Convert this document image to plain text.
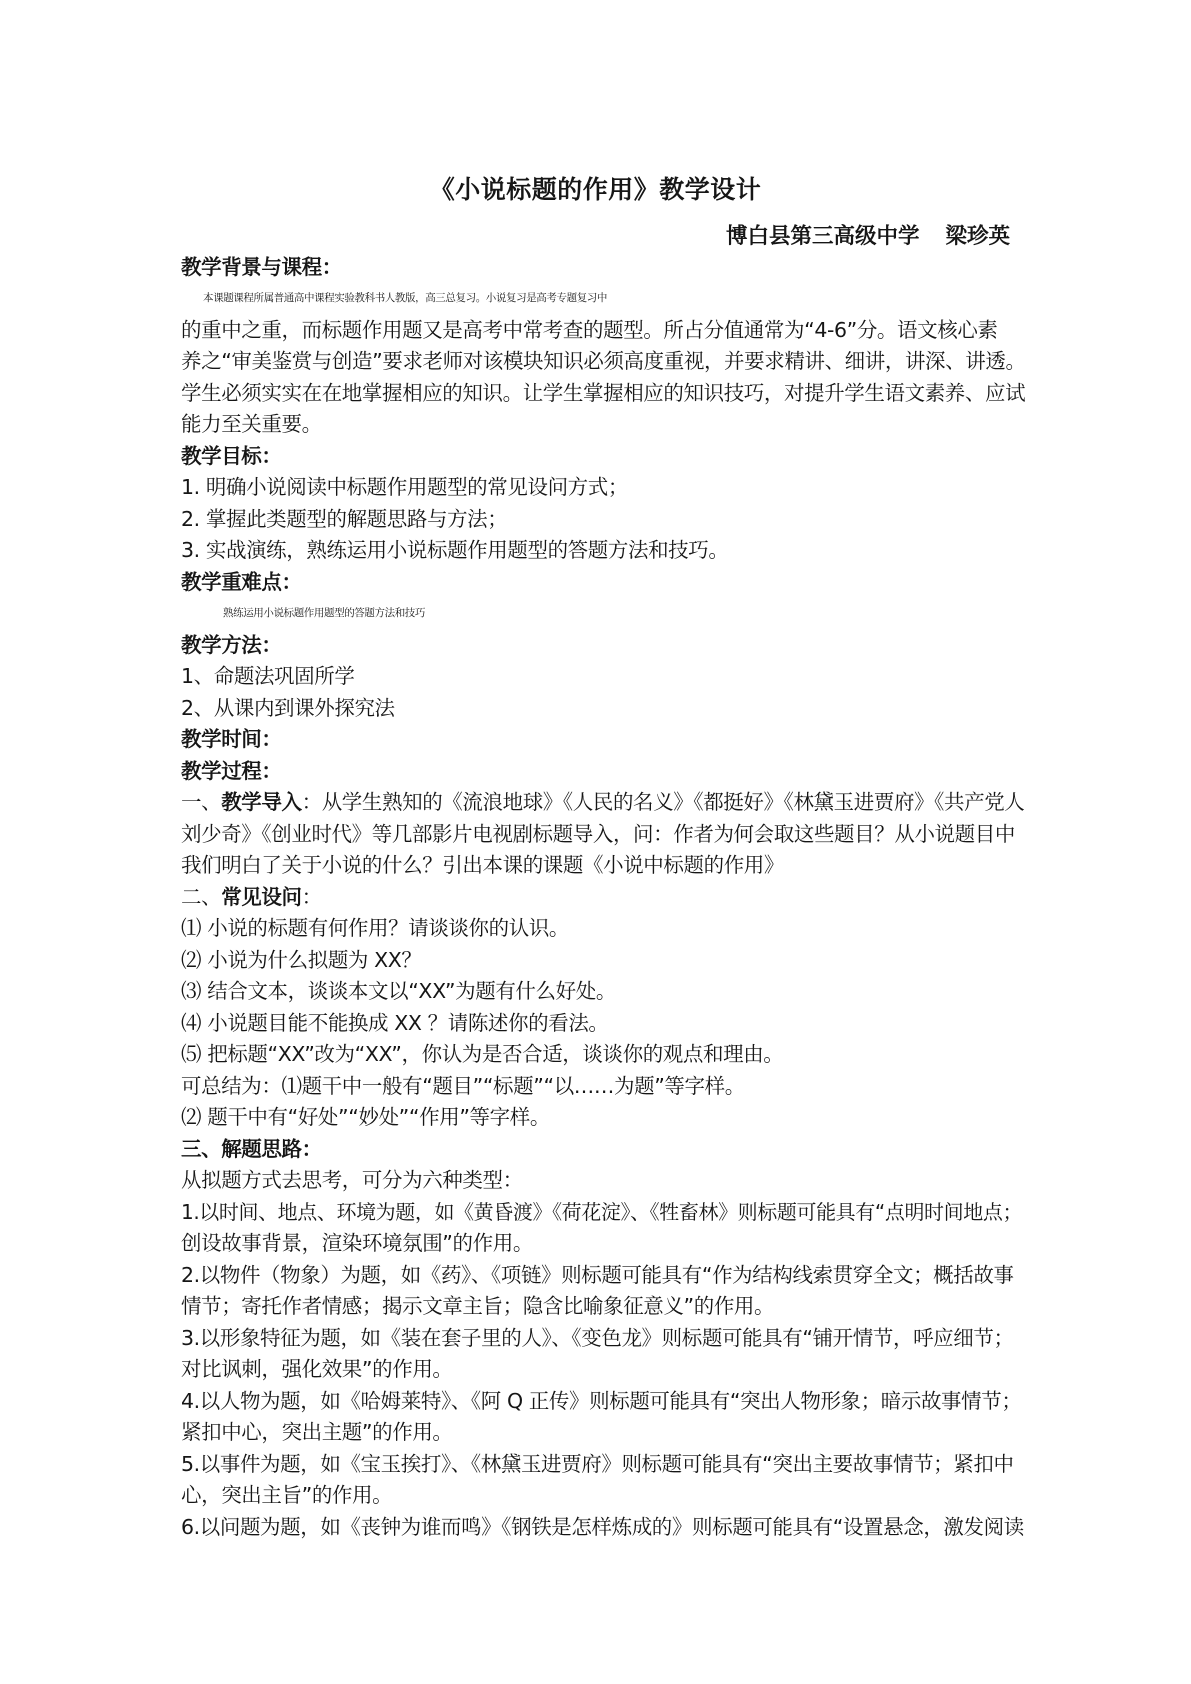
《小说标题的作用》教学设计
博白县第三高级中学 梁珍英
教学背景与课程：
本课题课程所属普通高中课程实验教科书人教版，高三总复习。小说复习是高考专题复习中
的重中之重，而标题作用题又是高考中常考查的题型。所占分值通常为“4-6”分。语文核心素
养之“审美鉴赏与创造”要求老师对该模块知识必须高度重视，并要求精讲、细讲，讲深、讲透。
学生必须实实在在地掌握相应的知识。让学生掌握相应的知识技巧，对提升学生语文素养、应试
能力至关重要。
教学目标：
1. 明确小说阅读中标题作用题型的常见设问方式；
2. 掌握此类题型的解题思路与方法；
3. 实战演练，熟练运用小说标题作用题型的答题方法和技巧。
教学重难点：
熟练运用小说标题作用题型的答题方法和技巧
教学方法：
1、命题法巩固所学
2、从课内到课外探究法
教学时间：
教学过程：
一、教学导入：从学生熟知的《流浪地球》《人民的名义》《都挺好》《林黛玉进贾府》《共产党人
刘少奇》《创业时代》等几部影片电视剧标题导入，问：作者为何会取这些题目？从小说题目中
我们明白了关于小说的什么？引出本课的课题《小说中标题的作用》
二、常见设问：
⑴ 小说的标题有何作用？请谈谈你的认识。
⑵ 小说为什么拟题为 XX？
⑶ 结合文本，谈谈本文以“XX”为题有什么好处。
⑷ 小说题目能不能换成 XX ？请陈述你的看法。
⑸ 把标题“XX”改为“XX”，你认为是否合适，谈谈你的观点和理由。
可总结为：⑴题干中一般有“题目”“标题”“以……为题”等字样。
⑵ 题干中有“好处”“妙处”“作用”等字样。
三、解题思路：
从拟题方式去思考，可分为六种类型：
1.以时间、地点、环境为题，如《黄昏渡》《荷花淀》、《牲畜林》则标题可能具有“点明时间地点；
创设故事背景，渲染环境氛围”的作用。
2.以物件（物象）为题，如《药》、《项链》则标题可能具有“作为结构线索贯穿全文；概括故事
情节；寄托作者情感；揭示文章主旨；隐含比喻象征意义”的作用。
3.以形象特征为题，如《装在套子里的人》、《变色龙》则标题可能具有“铺开情节，呼应细节；
对比讽刺，强化效果”的作用。
4.以人物为题，如《哈姆莱特》、《阿 Q 正传》则标题可能具有“突出人物形象；暗示故事情节；
紧扣中心，突出主题”的作用。
5.以事件为题，如《宝玉挨打》、《林黛玉进贾府》则标题可能具有“突出主要故事情节；紧扣中
心，突出主旨”的作用。
6.以问题为题，如《丧钟为谁而鸣》《钢铁是怎样炼成的》则标题可能具有“设置悬念，激发阅读
